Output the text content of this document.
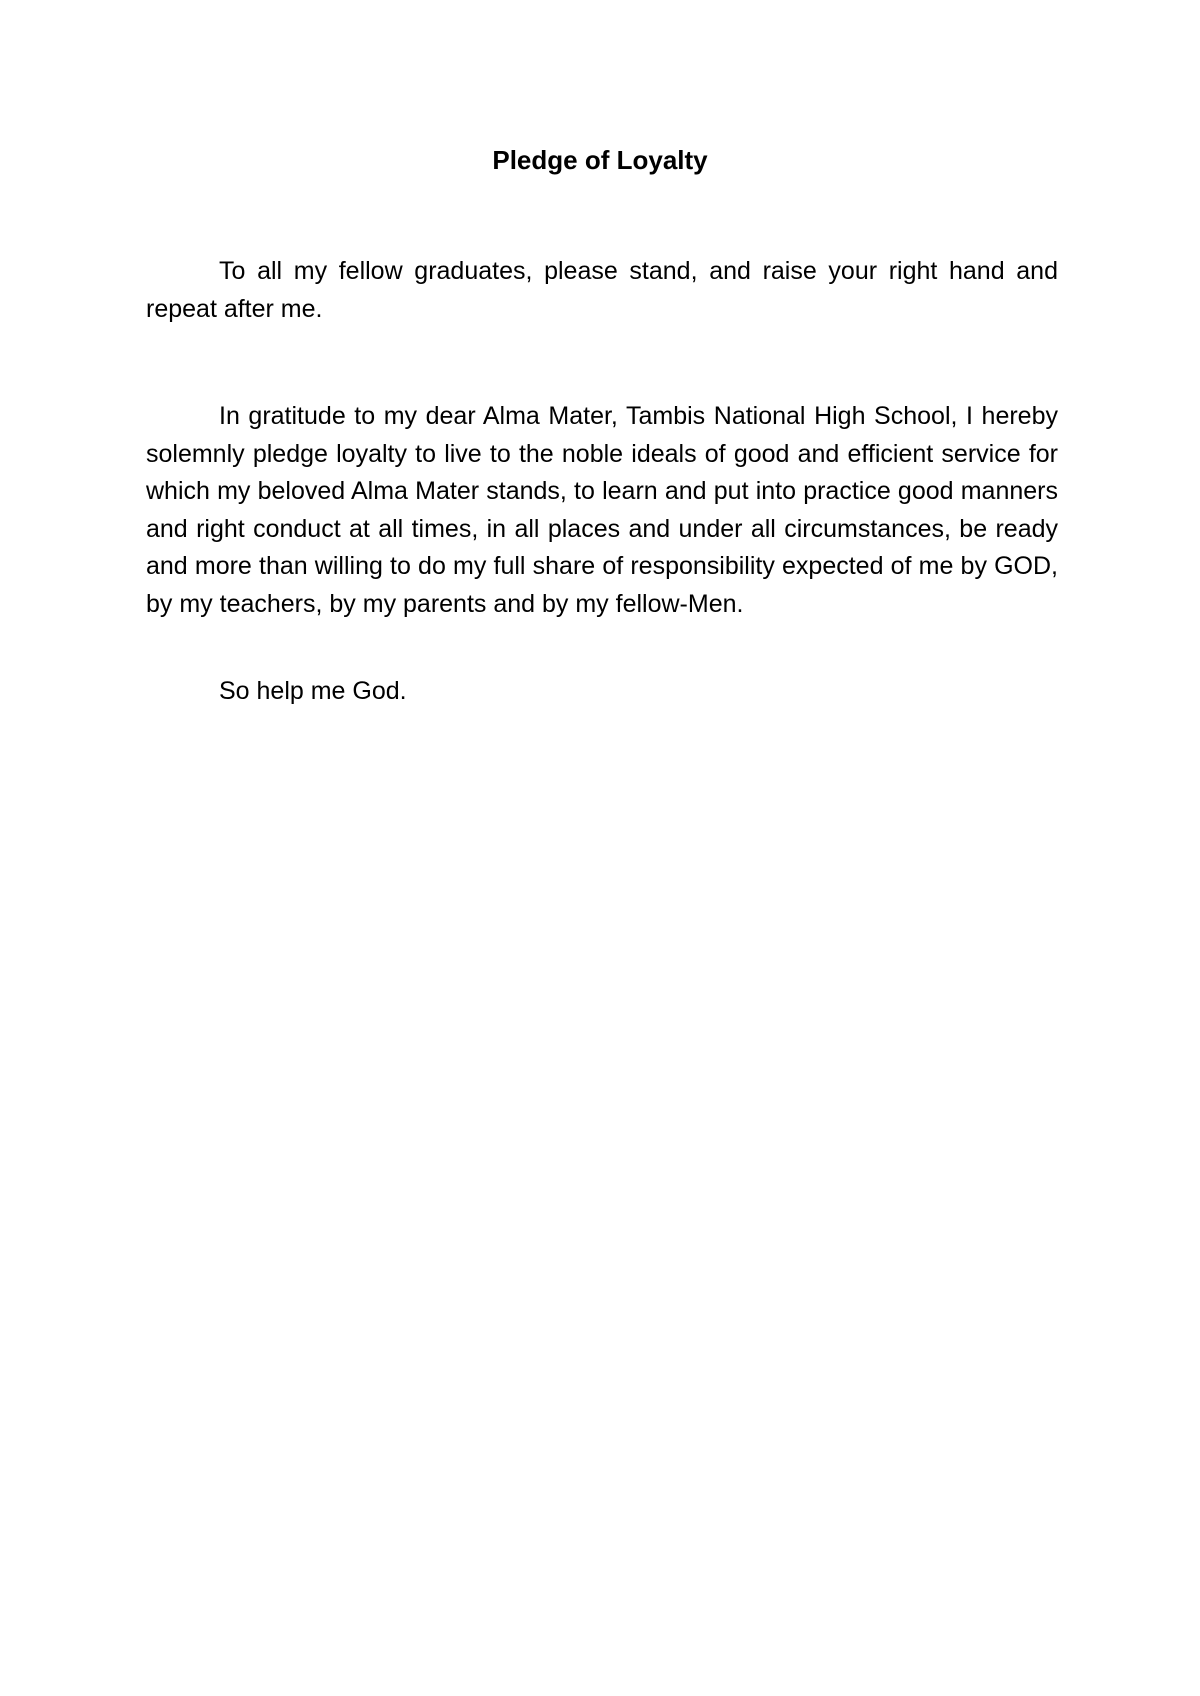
Pledge of Loyalty

To all my fellow graduates, please stand, and raise your right hand and repeat after me.

In gratitude to my dear Alma Mater, Tambis National High School, I hereby solemnly pledge loyalty to live to the noble ideals of good and efficient service for which my beloved Alma Mater stands, to learn and put into practice good manners and right conduct at all times, in all places and under all circumstances, be ready and more than willing to do my full share of responsibility expected of me by GOD, by my teachers, by my parents and by my fellow-Men.

So help me God.
